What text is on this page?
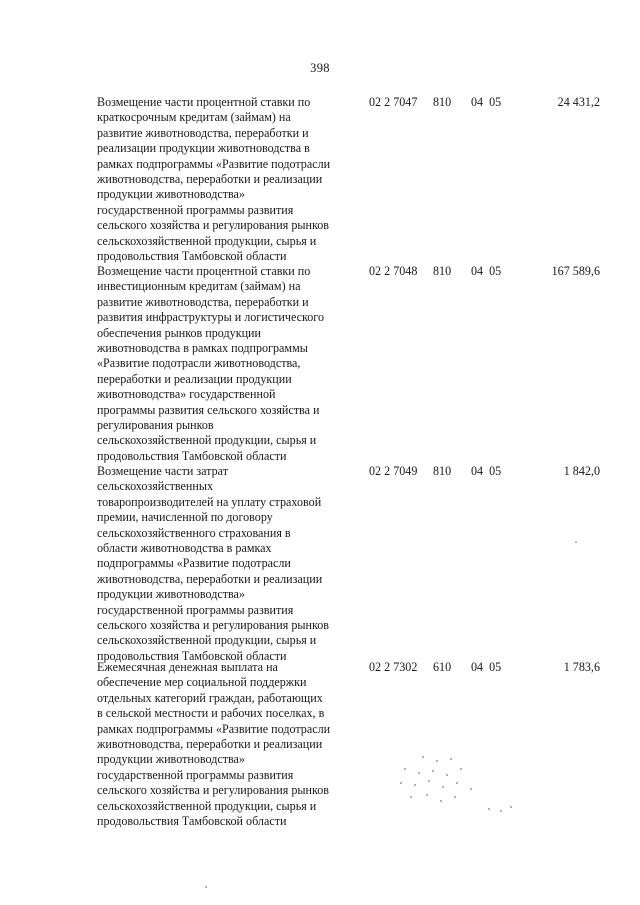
398
Возмещение части процентной ставки по
краткосрочным кредитам (займам) на
развитие животноводства, переработки и
реализации продукции животноводства в
рамках подпрограммы «Развитие подотрасли
животноводства, переработки и реализации
продукции животноводства»
государственной программы развития
сельского хозяйства и регулирования рынков
сельскохозяйственной продукции, сырья и
продовольствия Тамбовской области
02 2 7047 810 04 05	24 431,2
Возмещение части процентной ставки по
инвестиционным кредитам (займам) на
развитие животноводства, переработки и
развития инфраструктуры и логистического
обеспечения рынков продукции
животноводства в рамках подпрограммы
«Развитие подотрасли животноводства,
переработки и реализации продукции
животноводства» государственной
программы развития сельского хозяйства и
регулирования рынков
сельскохозяйственной продукции, сырья и
продовольствия Тамбовской области
02 2 7048 810 04 05	167 589,6
Возмещение части затрат
сельскохозяйственных
товаропроизводителей на уплату страховой
премии, начисленной по договору
сельскохозяйственного страхования в
области животноводства в рамках
подпрограммы «Развитие подотрасли
животноводства, переработки и реализации
продукции животноводства»
государственной программы развития
сельского хозяйства и регулирования рынков
сельскохозяйственной продукции, сырья и
продовольствия Тамбовской области
02 2 7049 810 04 05	1 842,0
Ежемесячная денежная выплата на
обеспечение мер социальной поддержки
отдельных категорий граждан, работающих
в сельской местности и рабочих поселках, в
рамках подпрограммы «Развитие подотрасли
животноводства, переработки и реализации
продукции животноводства»
государственной программы развития
сельского хозяйства и регулирования рынков
сельскохозяйственной продукции, сырья и
продовольствия Тамбовской области
02 2 7302 610 04 05	1 783,6
